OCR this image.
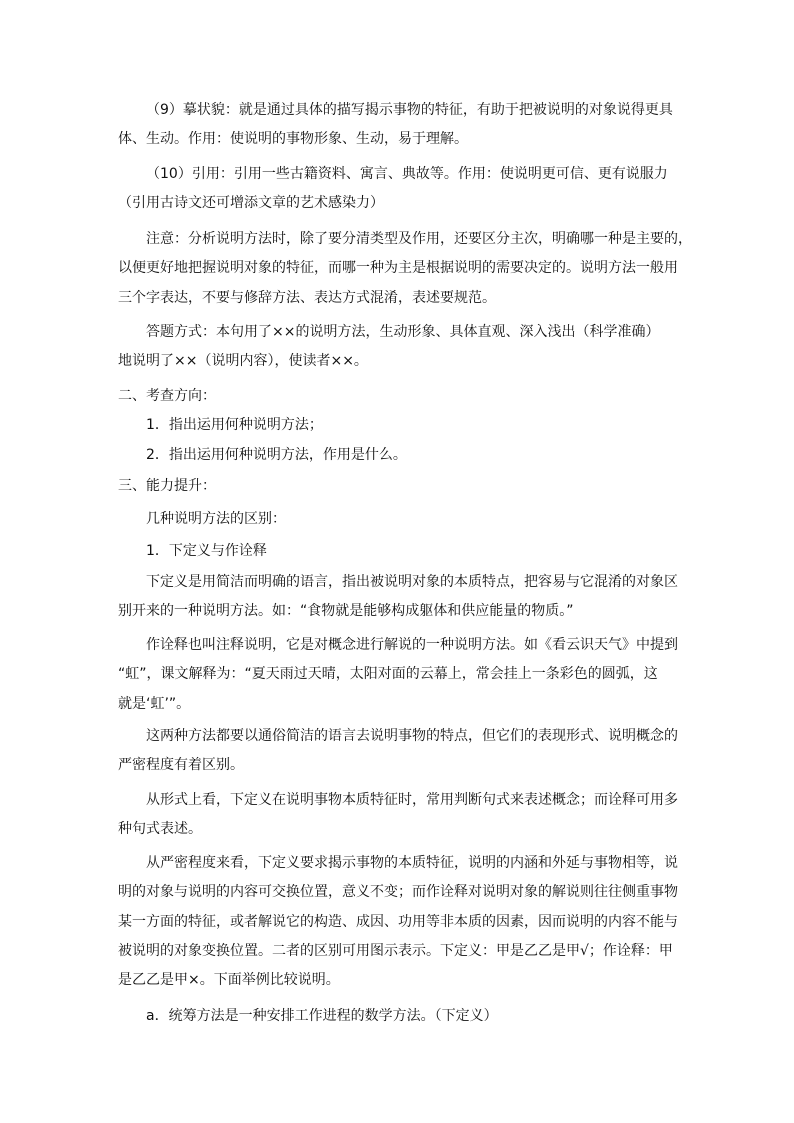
（9）摹状貌：就是通过具体的描写揭示事物的特征，有助于把被说明的对象说得更具
体、生动。作用：使说明的事物形象、生动，易于理解。
（10）引用：引用一些古籍资料、寓言、典故等。作用：使说明更可信、更有说服力
（引用古诗文还可增添文章的艺术感染力）
注意：分析说明方法时，除了要分清类型及作用，还要区分主次，明确哪一种是主要的，
以便更好地把握说明对象的特征，而哪一种为主是根据说明的需要决定的。说明方法一般用
三个字表达，不要与修辞方法、表达方式混淆，表述要规范。
答题方式：本句用了××的说明方法，生动形象、具体直观、深入浅出（科学准确）
地说明了××（说明内容），使读者××。
二、考查方向：
1．指出运用何种说明方法；
2．指出运用何种说明方法，作用是什么。
三、能力提升：
几种说明方法的区别：
1．下定义与作诠释
下定义是用简洁而明确的语言，指出被说明对象的本质特点，把容易与它混淆的对象区
别开来的一种说明方法。如：“食物就是能够构成躯体和供应能量的物质。”
作诠释也叫注释说明，它是对概念进行解说的一种说明方法。如《看云识天气》中提到
“虹”，课文解释为：“夏天雨过天晴，太阳对面的云幕上，常会挂上一条彩色的圆弧，这
就是‘虹’”。
这两种方法都要以通俗简洁的语言去说明事物的特点，但它们的表现形式、说明概念的
严密程度有着区别。
从形式上看，下定义在说明事物本质特征时，常用判断句式来表述概念；而诠释可用多
种句式表述。
从严密程度来看，下定义要求揭示事物的本质特征，说明的内涵和外延与事物相等，说
明的对象与说明的内容可交换位置，意义不变；而作诠释对说明对象的解说则往往侧重事物
某一方面的特征，或者解说它的构造、成因、功用等非本质的因素，因而说明的内容不能与
被说明的对象变换位置。二者的区别可用图示表示。下定义：甲是乙乙是甲√；作诠释：甲
是乙乙是甲×。下面举例比较说明。
a．统筹方法是一种安排工作进程的数学方法。（下定义）
